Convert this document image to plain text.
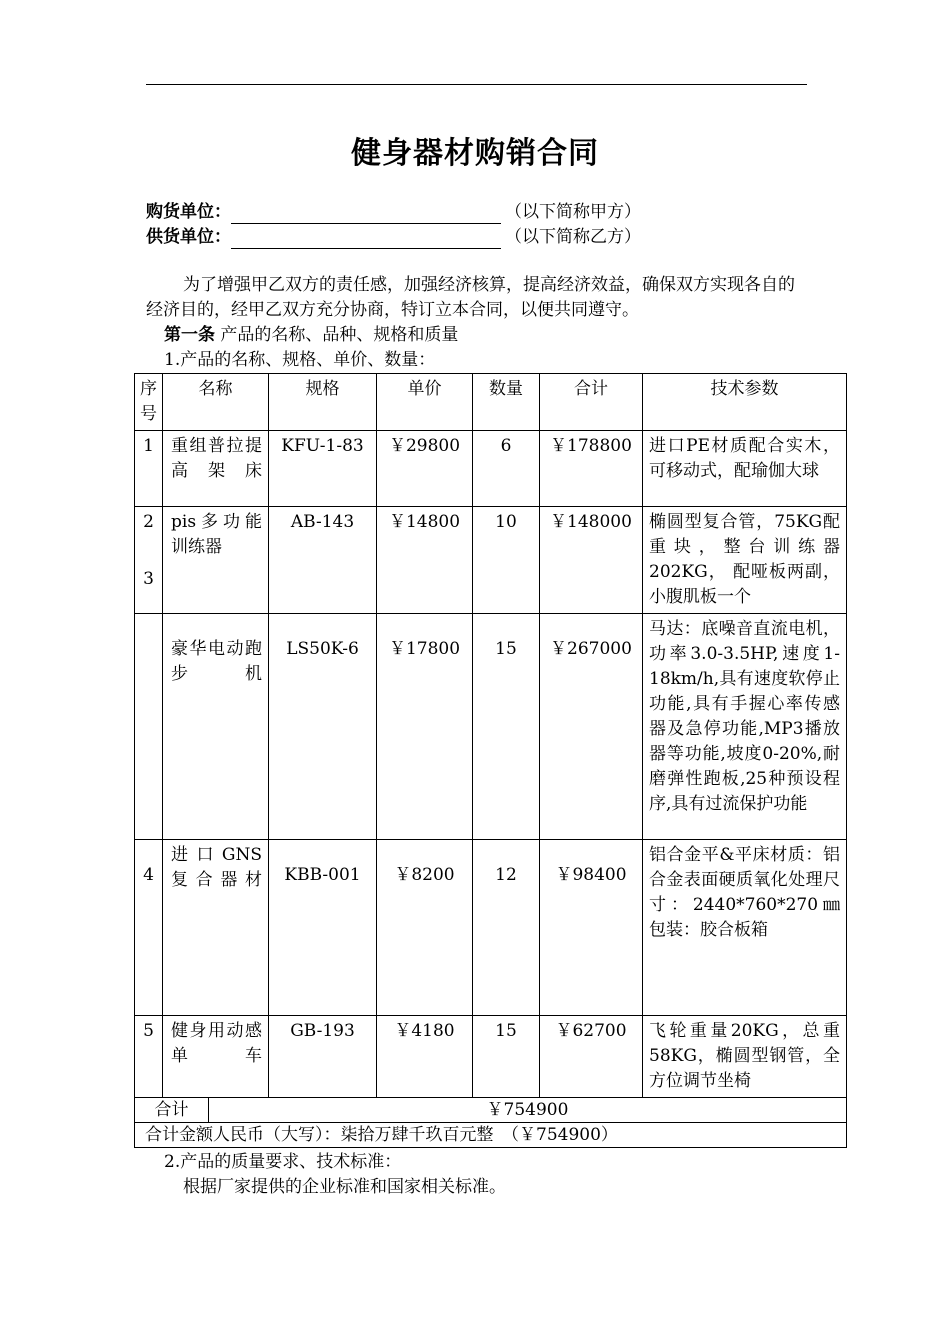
健身器材购销合同
购货单位：	（以下简称甲方）
供货单位：	（以下简称乙方）
为了增强甲乙双方的责任感，加强经济核算，提高经济效益，确保双方实现各自的经济目的，经甲乙双方充分协商，特订立本合同，以便共同遵守。
第一条 产品的名称、品种、规格和质量
1.产品的名称、规格、单价、数量：
序号	名称	规格	单价	数量	合计	技术参数
1	重组普拉提高架床	KFU-1-83	￥29800	6	￥178800	进口PE材质配合实木，可移动式，配瑜伽大球
2	pis多功能训练器	AB-143	￥14800	10	￥148000	椭圆型复合管，75KG配重块，整台训练器202KG， 配哑板两副，小腹肌板一个

3	豪华电动跑步机	LS50K-6	￥17800	15	￥267000	马达：底噪音直流电机，功率3.0-3.5HP,速度1-18km/h,具有速度软停止功能,具有手握心率传感器及急停功能,MP3播放器等功能,坡度0-20%,耐磨弹性跑板,25种预设程序,具有过流保护功能

4	进口GNS复合器材	KBB-001	￥8200	12	￥98400	铝合金平&平床材质：铝合金表面硬质氧化处理尺寸：2440*760*270㎜包装：胶合板箱
5	健身用动感单车	GB-193	￥4180	15	￥62700	飞轮重量20KG，总重58KG，椭圆型钢管，全方位调节坐椅

合计 ￥754900						

合计金额人民币（大写）：柒拾万肆千玖百元整　（￥754900）						
2.产品的质量要求、技术标准：
根据厂家提供的企业标准和国家相关标准。
